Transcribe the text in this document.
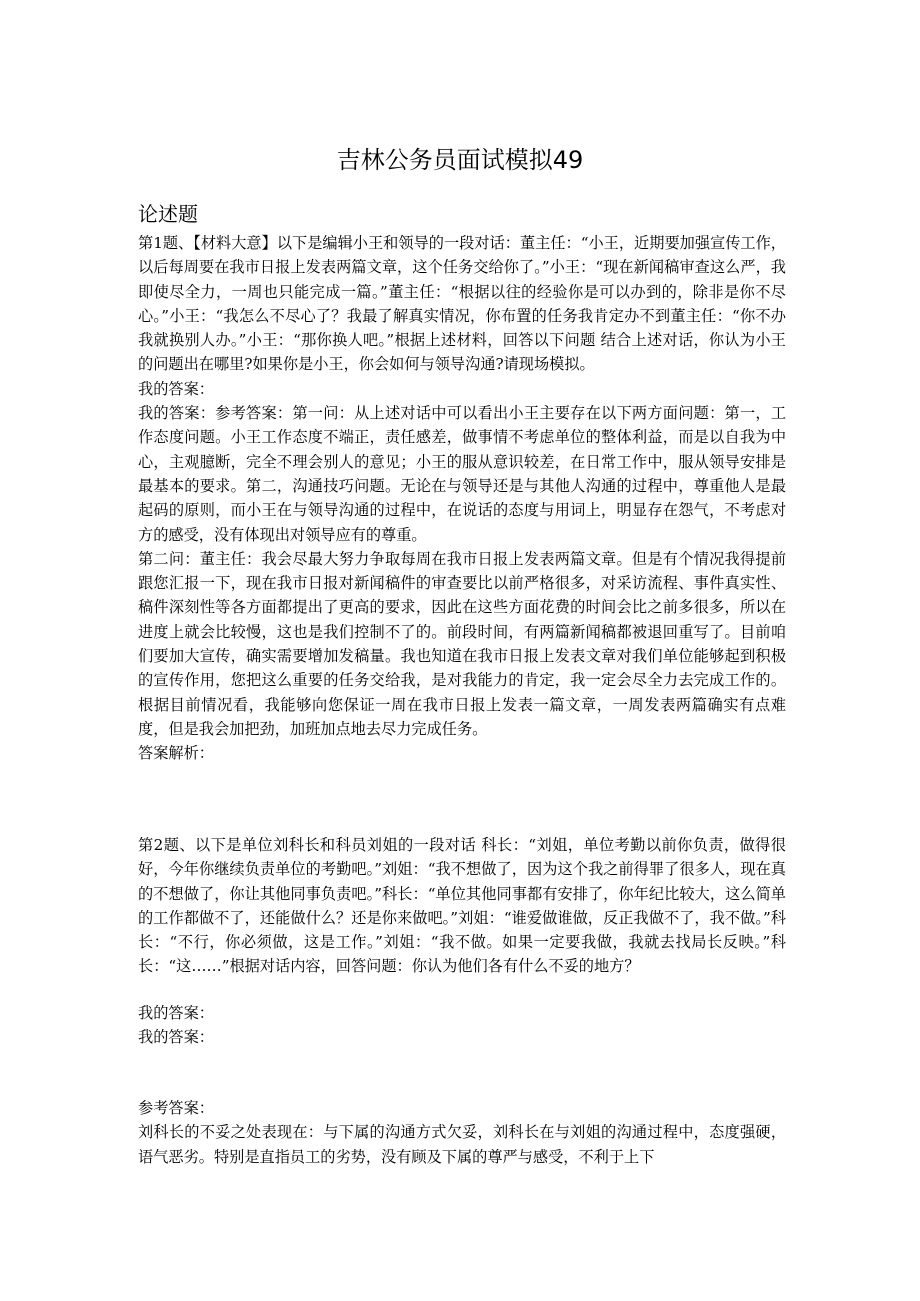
吉林公务员面试模拟49
论述题

第1题、【材料大意】以下是编辑小王和领导的一段对话：董主任：“小王，近期要加强宣传工作，以后每周要在我市日报上发表两篇文章，这个任务交给你了。”小王：“现在新闻稿审查这么严，我即使尽全力，一周也只能完成一篇。”董主任：“根据以往的经验你是可以办到的，除非是你不尽心。”小王：“我怎么不尽心了？我最了解真实情况，你布置的任务我肯定办不到董主任：“你不办我就换别人办。”小王：“那你换人吧。”根据上述材料，回答以下问题 结合上述对话，你认为小王的问题出在哪里?如果你是小王，你会如何与领导沟通?请现场模拟。

我的答案：

我的答案：参考答案：第一问：从上述对话中可以看出小王主要存在以下两方面问题：第一，工作态度问题。小王工作态度不端正，责任感差，做事情不考虑单位的整体利益，而是以自我为中心，主观臆断，完全不理会别人的意见；小王的服从意识较差，在日常工作中，服从领导安排是最基本的要求。第二，沟通技巧问题。无论在与领导还是与其他人沟通的过程中，尊重他人是最起码的原则，而小王在与领导沟通的过程中，在说话的态度与用词上，明显存在怨气，不考虑对方的感受，没有体现出对领导应有的尊重。

第二问：董主任：我会尽最大努力争取每周在我市日报上发表两篇文章。但是有个情况我得提前跟您汇报一下，现在我市日报对新闻稿件的审查要比以前严格很多，对采访流程、事件真实性、稿件深刻性等各方面都提出了更高的要求，因此在这些方面花费的时间会比之前多很多，所以在进度上就会比较慢，这也是我们控制不了的。前段时间，有两篇新闻稿都被退回重写了。目前咱们要加大宣传，确实需要增加发稿量。我也知道在我市日报上发表文章对我们单位能够起到积极的宣传作用，您把这么重要的任务交给我，是对我能力的肯定，我一定会尽全力去完成工作的。根据目前情况看，我能够向您保证一周在我市日报上发表一篇文章，一周发表两篇确实有点难度，但是我会加把劲，加班加点地去尽力完成任务。

答案解析：

第2题、以下是单位刘科长和科员刘姐的一段对话 科长：“刘姐，单位考勤以前你负责，做得很好，今年你继续负责单位的考勤吧。”刘姐：“我不想做了，因为这个我之前得罪了很多人，现在真的不想做了，你让其他同事负责吧。”科长：“单位其他同事都有安排了，你年纪比较大，这么简单的工作都做不了，还能做什么？还是你来做吧。”刘姐：“谁爱做谁做，反正我做不了，我不做。”科长：“不行，你必须做，这是工作。”刘姐：“我不做。如果一定要我做，我就去找局长反映。”科长：“这……”根据对话内容，回答问题：你认为他们各有什么不妥的地方？

我的答案：

我的答案：

参考答案：

刘科长的不妥之处表现在：与下属的沟通方式欠妥，刘科长在与刘姐的沟通过程中，态度强硬，语气恶劣。特别是直指员工的劣势，没有顾及下属的尊严与感受，不利于上下
